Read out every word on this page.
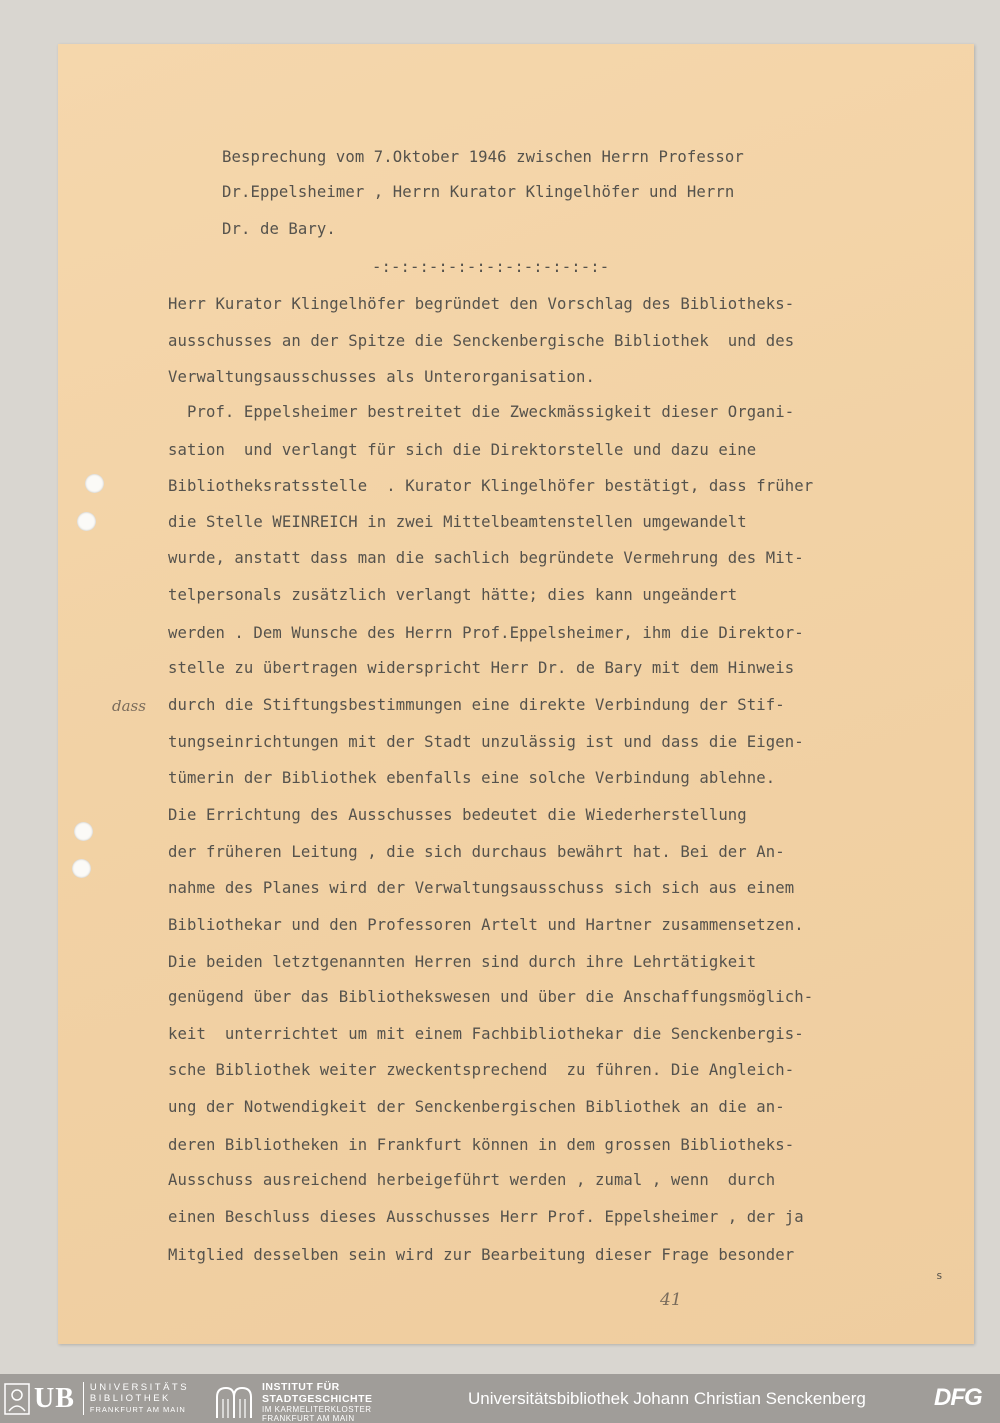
Besprechung vom 7.Oktober 1946 zwischen Herrn Professor
Dr.Eppelsheimer , Herrn Kurator Klingelhöfer und Herrn
Dr. de Bary.
-:-:-:-:-:-:-:-:-:-:-:-:-
Herr Kurator Klingelhöfer begründet den Vorschlag des Bibliotheks-
ausschusses an der Spitze die Senckenbergische Bibliothek  und des
Verwaltungsausschusses als Unterorganisation.
Prof. Eppelsheimer bestreitet die Zweckmässigkeit dieser Organi-
sation  und verlangt für sich die Direktorstelle und dazu eine
Bibliotheksratsstelle  . Kurator Klingelhöfer bestätigt, dass früher
die Stelle WEINREICH in zwei Mittelbeamtenstellen umgewandelt
wurde, anstatt dass man die sachlich begründete Vermehrung des Mit-
telpersonals zusätzlich verlangt hätte; dies kann ungeändert
werden . Dem Wunsche des Herrn Prof.Eppelsheimer, ihm die Direktor-
stelle zu übertragen widerspricht Herr Dr. de Bary mit dem Hinweis
durch die Stiftungsbestimmungen eine direkte Verbindung der Stif-
tungseinrichtungen mit der Stadt unzulässig ist und dass die Eigen-
tümerin der Bibliothek ebenfalls eine solche Verbindung ablehne.
Die Errichtung des Ausschusses bedeutet die Wiederherstellung
der früheren Leitung , die sich durchaus bewährt hat. Bei der An-
nahme des Planes wird der Verwaltungsausschuss sich sich aus einem
Bibliothekar und den Professoren Artelt und Hartner zusammensetzen.
Die beiden letztgenannten Herren sind durch ihre Lehrtätigkeit
genügend über das Bibliothekswesen und über die Anschaffungsmöglich-
keit  unterrichtet um mit einem Fachbibliothekar die Senckenbergis-
sche Bibliothek weiter zweckentsprechend  zu führen. Die Angleich-
ung der Notwendigkeit der Senckenbergischen Bibliothek an die an-
deren Bibliotheken in Frankfurt können in dem grossen Bibliotheks-
Ausschuss ausreichend herbeigeführt werden , zumal , wenn  durch
einen Beschluss dieses Ausschusses Herr Prof. Eppelsheimer , der ja
Mitglied desselben sein wird zur Bearbeitung dieser Frage besonder
s
dass
41
UB UNIVERSITÄTS
BIBLIOTHEK
FRANKFURT AM MAIN
INSTITUT FÜR
STADTGESCHICHTE
IM KARMELITERKLOSTER
FRANKFURT AM MAIN
Universitätsbibliothek Johann Christian Senckenberg	DFG
